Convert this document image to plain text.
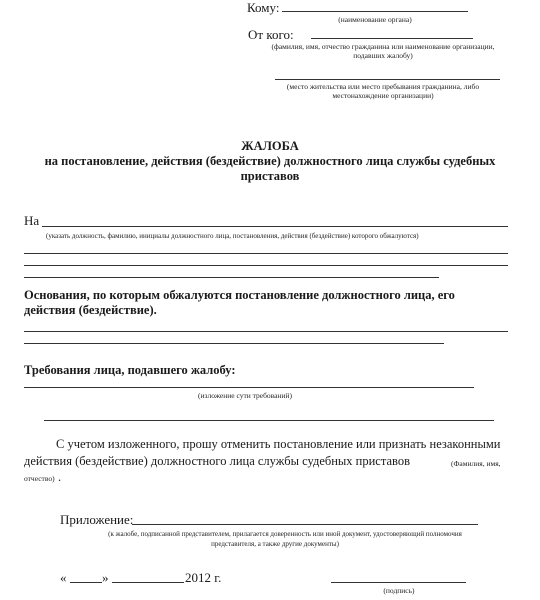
Кому:
(наименование органа)
От кого:
(фамилия, имя, отчество гражданина или наименование организации,
подавших жалобу)
(место жительства или место пребывания гражданина, либо
местонахождение организации)
ЖАЛОБА
на постановление, действия (бездействие) должностного лица службы судебных
приставов
На
(указать должность, фамилию, инициалы должностного лица, постановления, действия (бездействие) которого обжалуются)
Основания, по которым обжалуются постановление должностного лица, его
действия (бездействие).
Требования лица, подавшего жалобу:
(изложение сути требований)
С учетом изложенного, прошу отменить постановление или признать незаконными
действия (бездействие) должностного лица службы судебных приставов	(Фамилия, имя,
отчество) .
Приложение:
(к жалобе, подписанной представителем, прилагается доверенность или иной документ, удостоверяющий полномочия
представителя, а также другие документы)
«	»	2012 г.
(подпись)
